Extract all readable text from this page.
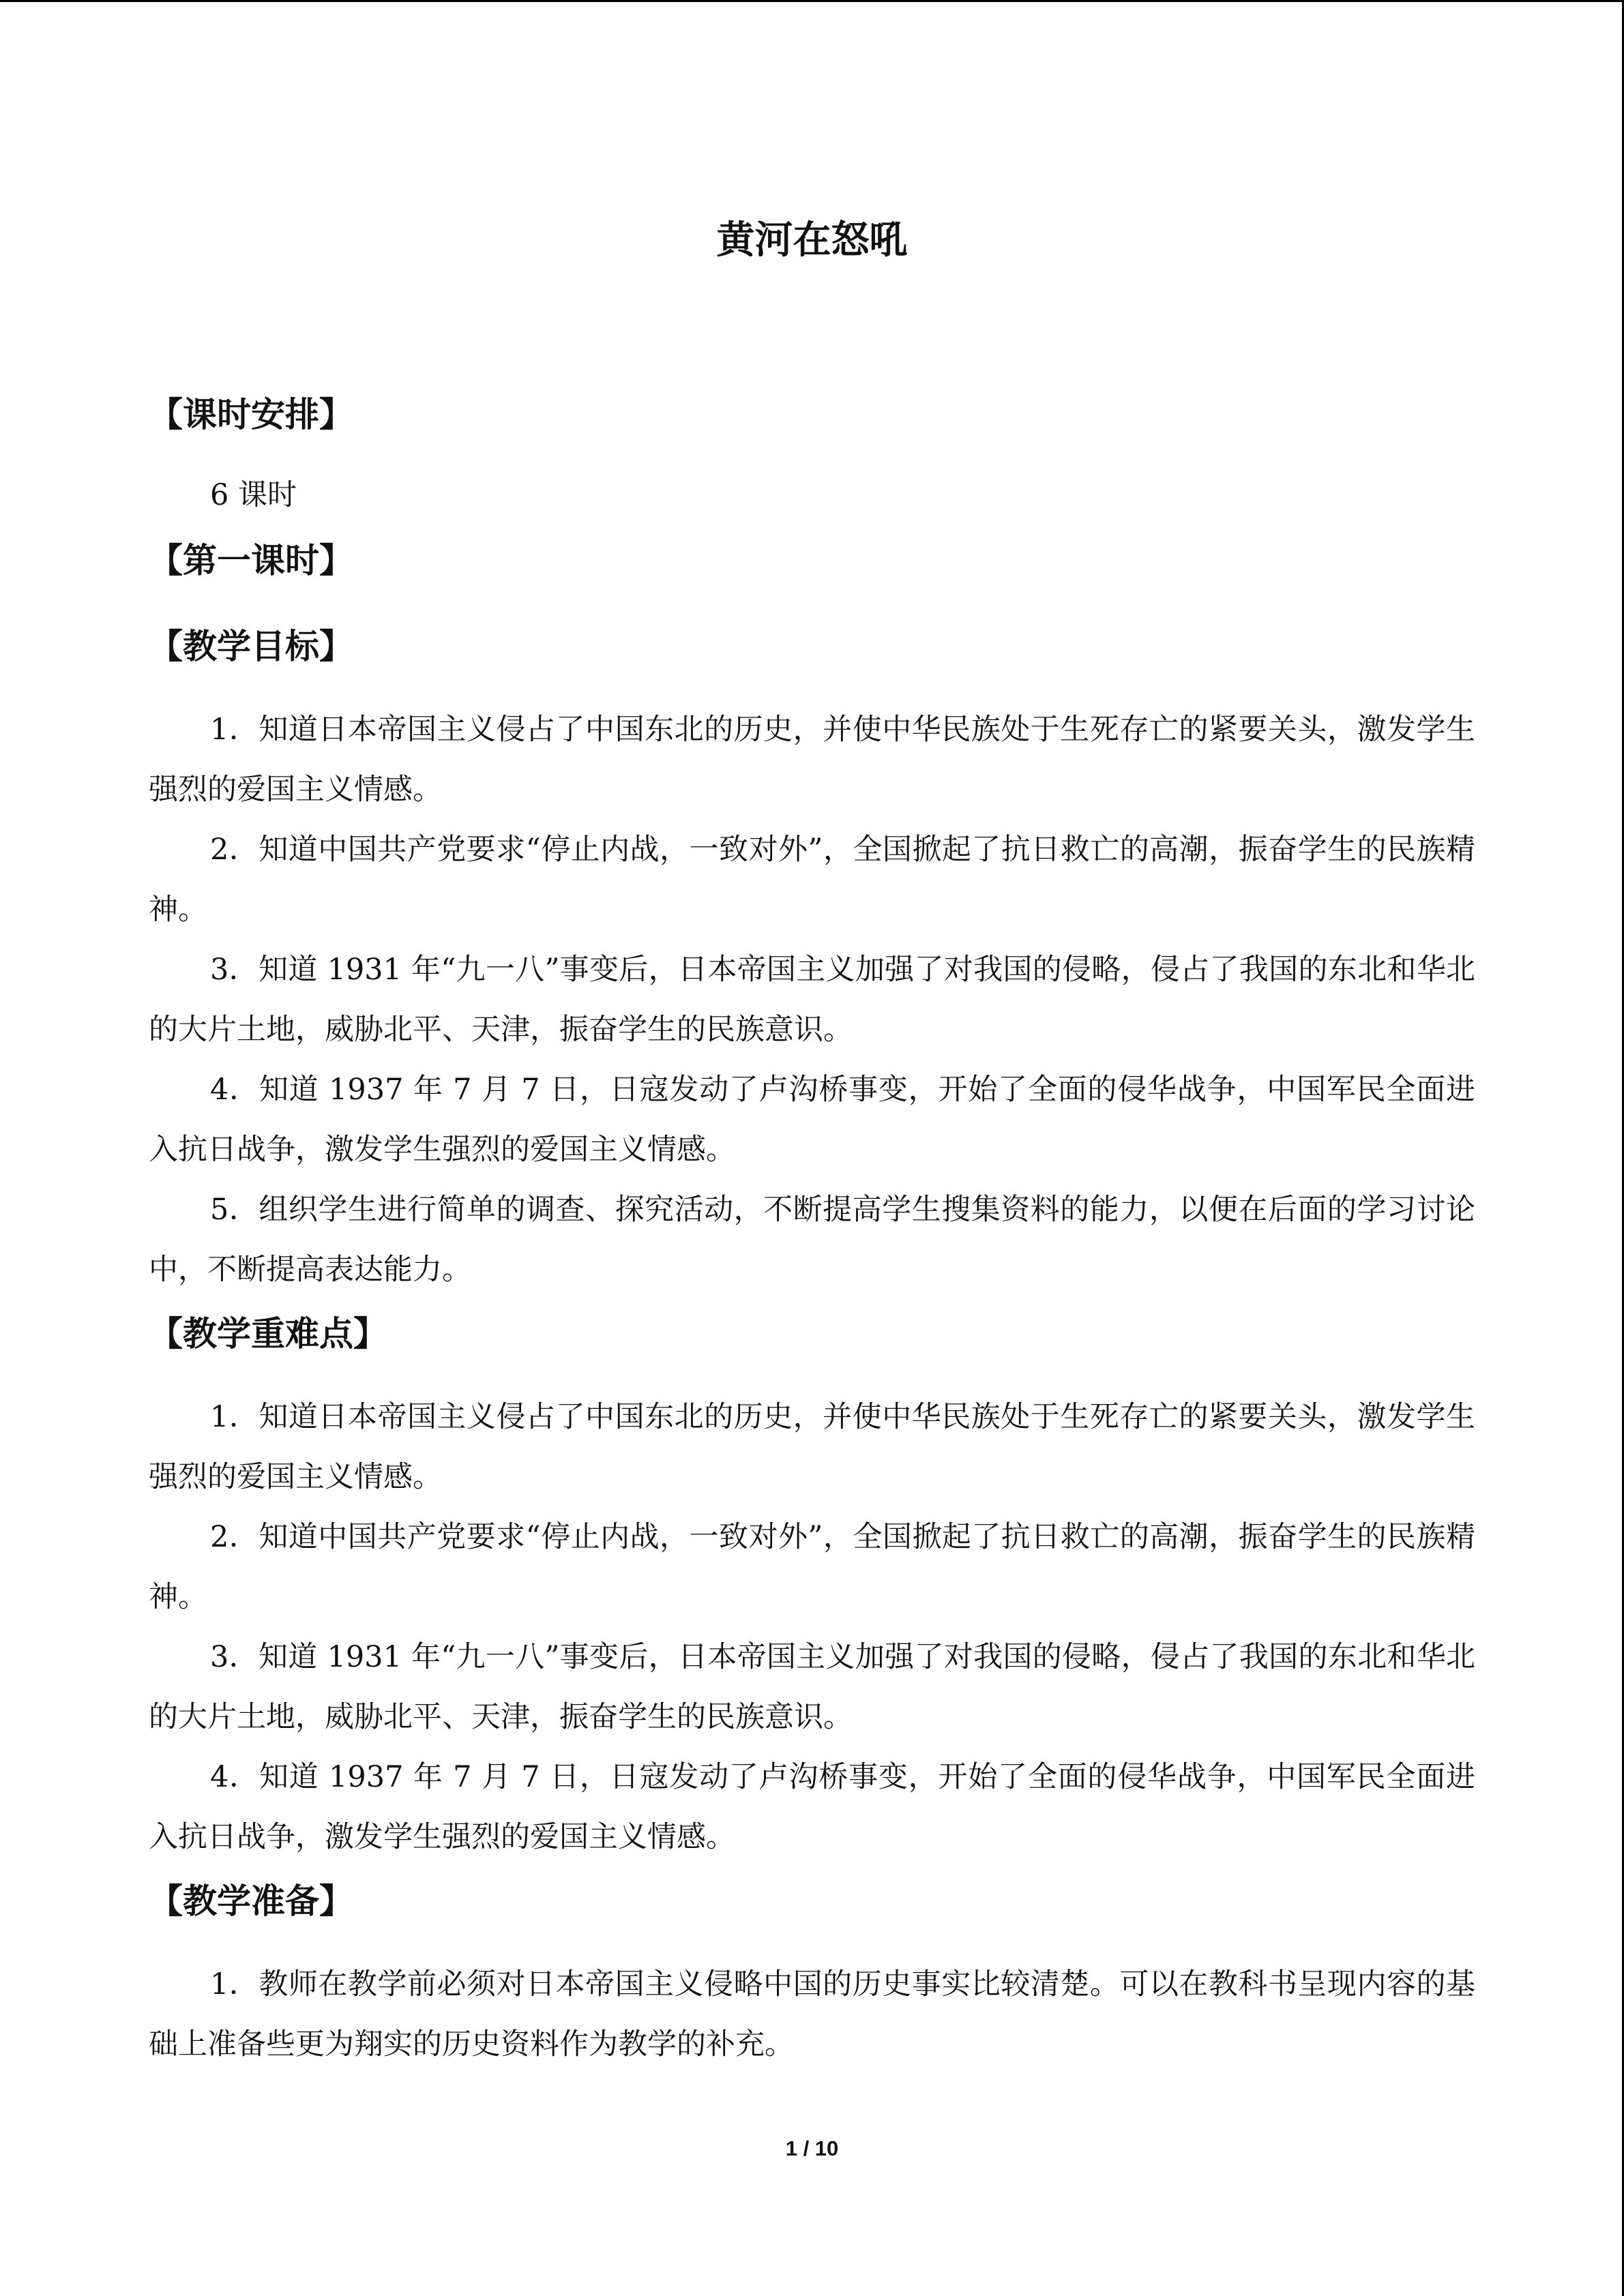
黄河在怒吼
【课时安排】
6 课时
【第一课时】
【教学目标】
1．知道日本帝国主义侵占了中国东北的历史，并使中华民族处于生死存亡的紧要关头，激发学生强烈的爱国主义情感。
2．知道中国共产党要求“停止内战，一致对外”，全国掀起了抗日救亡的高潮，振奋学生的民族精神。
3．知道 1931 年“九一八”事变后，日本帝国主义加强了对我国的侵略，侵占了我国的东北和华北的大片土地，威胁北平、天津，振奋学生的民族意识。
4．知道 1937 年 7 月 7 日，日寇发动了卢沟桥事变，开始了全面的侵华战争，中国军民全面进入抗日战争，激发学生强烈的爱国主义情感。
5．组织学生进行简单的调查、探究活动，不断提高学生搜集资料的能力，以便在后面的学习讨论中，不断提高表达能力。
【教学重难点】
1．知道日本帝国主义侵占了中国东北的历史，并使中华民族处于生死存亡的紧要关头，激发学生强烈的爱国主义情感。
2．知道中国共产党要求“停止内战，一致对外”，全国掀起了抗日救亡的高潮，振奋学生的民族精神。
3．知道 1931 年“九一八”事变后，日本帝国主义加强了对我国的侵略，侵占了我国的东北和华北的大片土地，威胁北平、天津，振奋学生的民族意识。
4．知道 1937 年 7 月 7 日，日寇发动了卢沟桥事变，开始了全面的侵华战争，中国军民全面进入抗日战争，激发学生强烈的爱国主义情感。
【教学准备】
1．教师在教学前必须对日本帝国主义侵略中国的历史事实比较清楚。可以在教科书呈现内容的基础上准备些更为翔实的历史资料作为教学的补充。
1 / 10
